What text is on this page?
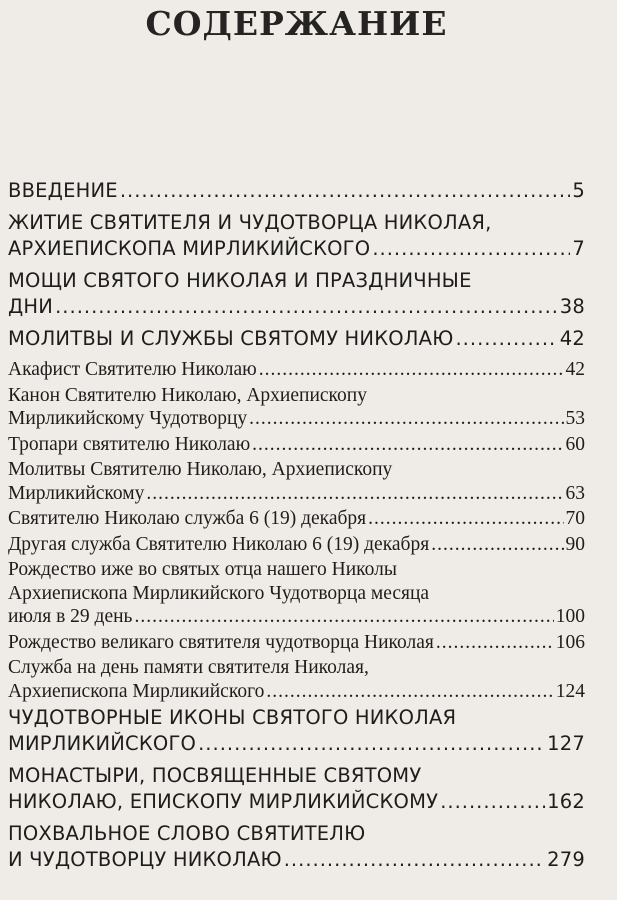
СОДЕРЖАНИЕ
ВВЕДЕНИЕ .....	5
ЖИТИЕ СВЯТИТЕЛЯ И ЧУДОТВОРЦА НИКОЛАЯ,
АРХИЕПИСКОПА МИРЛИКИЙСКОГО .....	7
МОЩИ СВЯТОГО НИКОЛАЯ И ПРАЗДНИЧНЫЕ
ДНИ .....	38
МОЛИТВЫ И СЛУЖБЫ СВЯТОМУ НИКОЛАЮ .....	42
Акафист Святителю Николаю .....	42
Канон Святителю Николаю, Архиепископу
Мирликийскому Чудотворцу .....	53
Тропари святителю Николаю .....	60
Молитвы Святителю Николаю, Архиепископу
Мирликийскому .....	63
Святителю Николаю служба 6 (19) декабря .....	70
Другая служба Святителю Николаю 6 (19) декабря .....	90
Рождество иже во святых отца нашего Николы
Архиепископа Мирликийского Чудотворца месяца
июля в 29 день .....	100
Рождество великаго святителя чудотворца Николая .....	106
Служба на день памяти святителя Николая,
Архиепископа Мирликийского .....	124
ЧУДОТВОРНЫЕ ИКОНЫ СВЯТОГО НИКОЛАЯ
МИРЛИКИЙСКОГО .....	127
МОНАСТЫРИ, ПОСВЯЩЕННЫЕ СВЯТОМУ
НИКОЛАЮ, ЕПИСКОПУ МИРЛИКИЙСКОМУ .....	162
ПОХВАЛЬНОЕ СЛОВО СВЯТИТЕЛЮ
И ЧУДОТВОРЦУ НИКОЛАЮ .....	279
